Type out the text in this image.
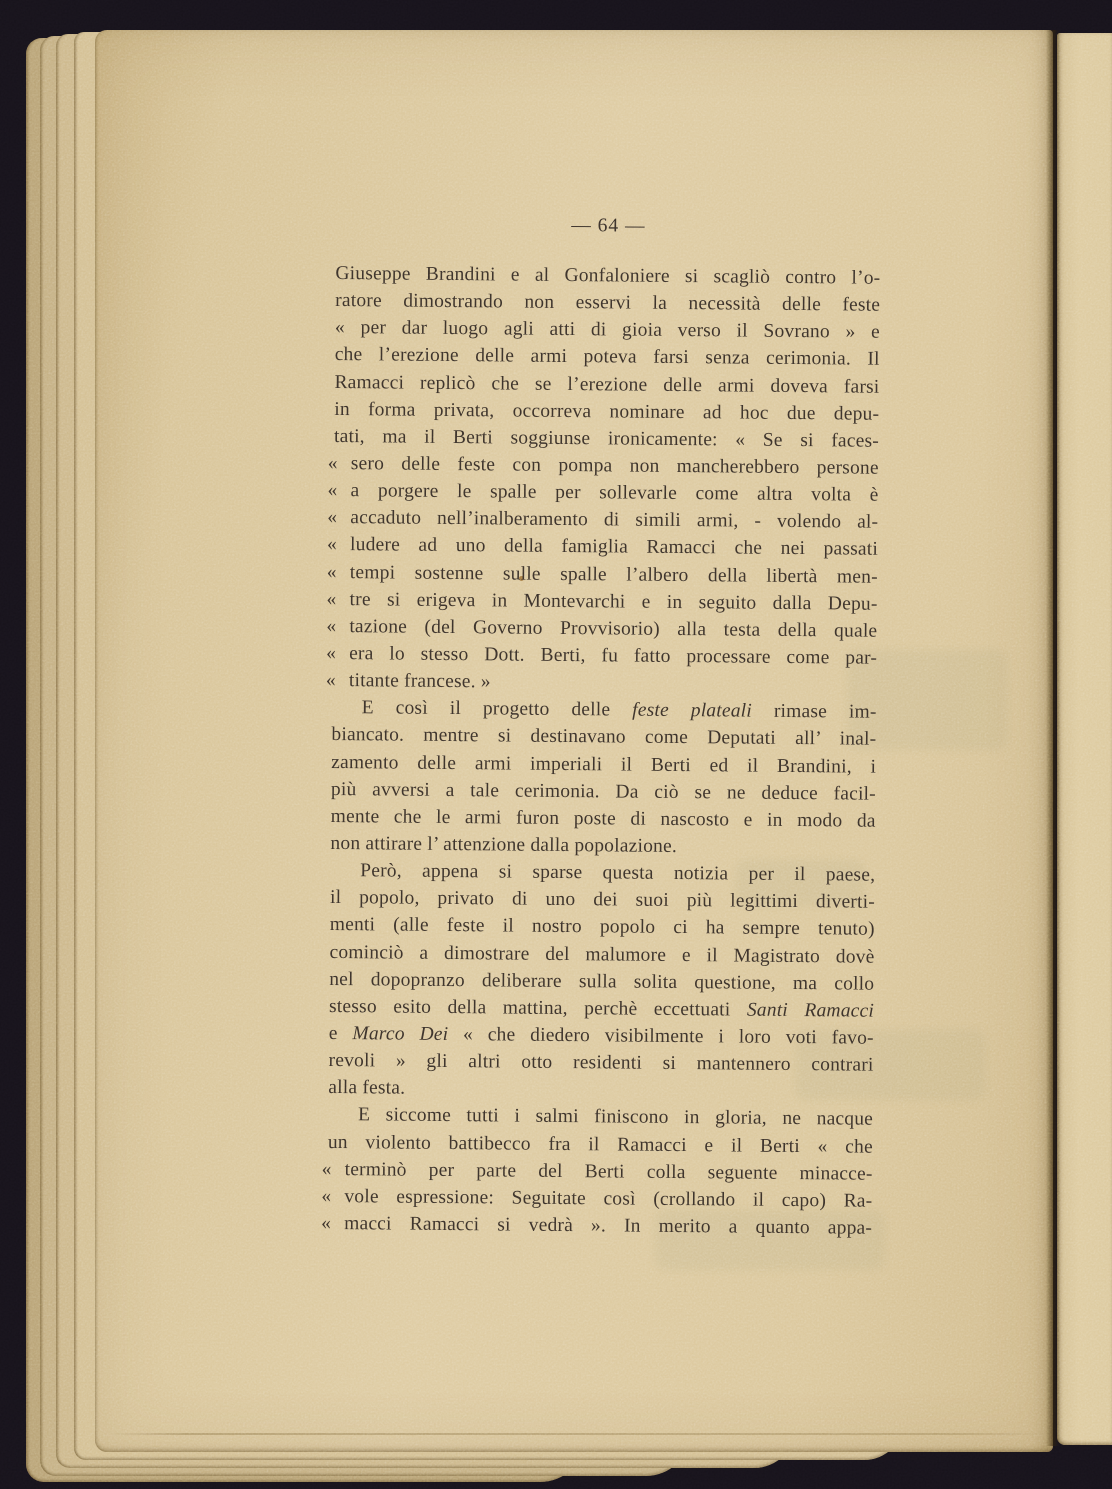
— 64 —
Giuseppe Brandini e al Gonfaloniere si scagliò contro l’o-
ratore dimostrando non esservi la necessità delle feste
« per dar luogo agli atti di gioia verso il Sovrano » e
che l’erezione delle armi poteva farsi senza cerimonia. Il
Ramacci replicò che se l’erezione delle armi doveva farsi
in forma privata, occorreva nominare ad hoc due depu-
tati, ma il Berti soggiunse ironicamente: « Se si faces-
« sero delle feste con pompa non mancherebbero persone
« a porgere le spalle per sollevarle come altra volta è
« accaduto nell’inalberamento di simili armi, - volendo al-
« ludere ad uno della famiglia Ramacci che nei passati
« tempi sostenne sulle spalle l’albero della libertà men-
« tre si erigeva in Montevarchi e in seguito dalla Depu-
« tazione (del Governo Provvisorio) alla testa della quale
« era lo stesso Dott. Berti, fu fatto processare come par-
« titante francese. »
E così il progetto delle feste plateali rimase im-
biancato. mentre si destinavano come Deputati all’ inal-
zamento delle armi imperiali il Berti ed il Brandini, i
più avversi a tale cerimonia. Da ciò se ne deduce facil-
mente che le armi furon poste di nascosto e in modo da
non attirare l’ attenzione dalla popolazione.
Però, appena si sparse questa notizia per il paese,
il popolo, privato di uno dei suoi più legittimi diverti-
menti (alle feste il nostro popolo ci ha sempre tenuto)
cominciò a dimostrare del malumore e il Magistrato dovè
nel dopopranzo deliberare sulla solita questione, ma collo
stesso esito della mattina, perchè eccettuati Santi Ramacci
e Marco Dei « che diedero visibilmente i loro voti favo-
revoli » gli altri otto residenti si mantennero contrari
alla festa.
E siccome tutti i salmi finiscono in gloria, ne nacque
un violento battibecco fra il Ramacci e il Berti « che
« terminò per parte del Berti colla seguente minacce-
« vole espressione: Seguitate così (crollando il capo) Ra-
« macci Ramacci si vedrà ». In merito a quanto appa-
